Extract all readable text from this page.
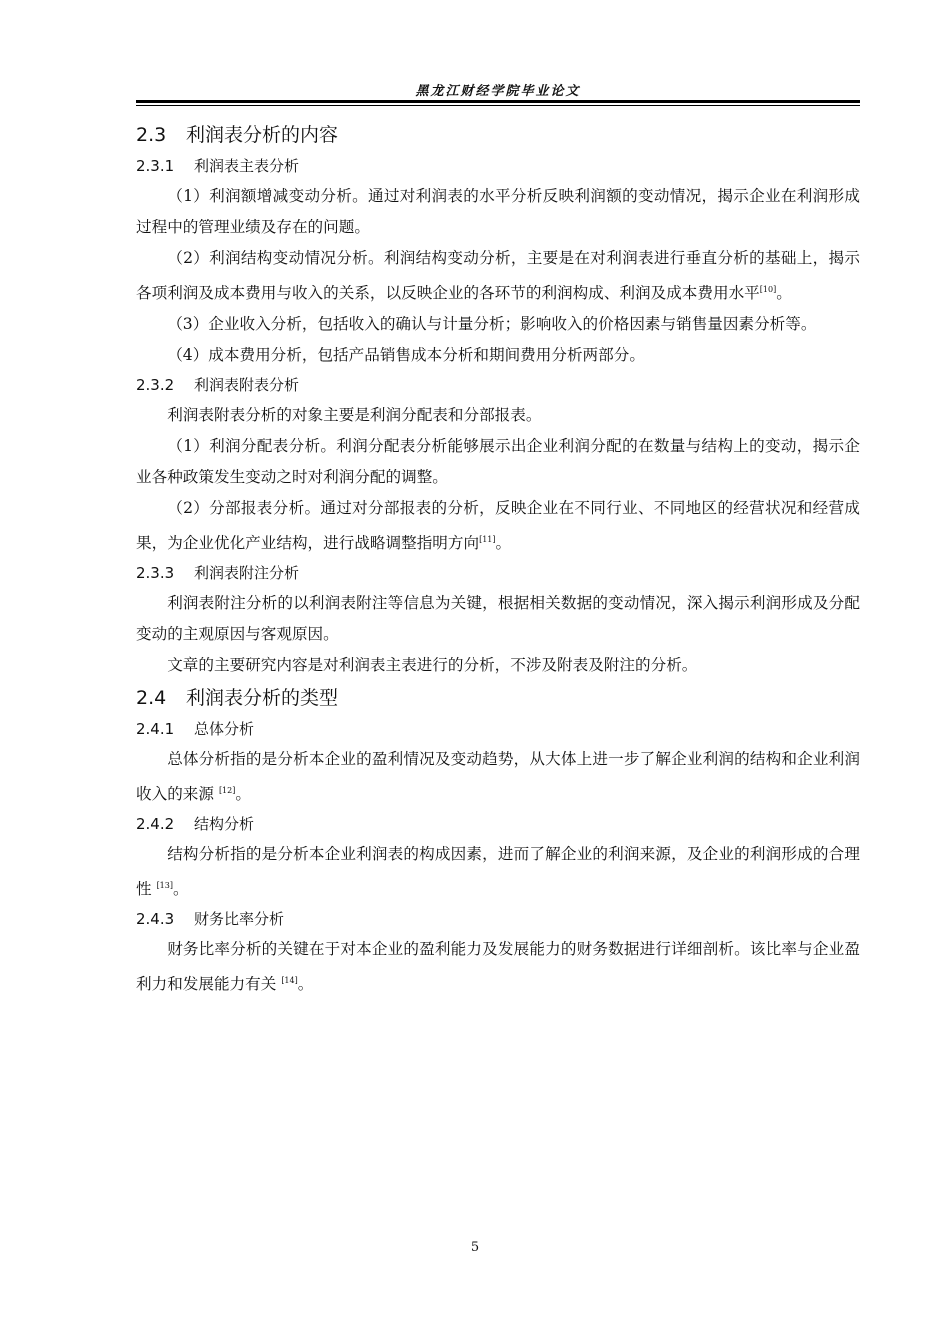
黑龙江财经学院毕业论文
2.3 利润表分析的内容
2.3.1 利润表主表分析

（1）利润额增减变动分析。通过对利润表的水平分析反映利润额的变动情况，揭示企业在利润形成过程中的管理业绩及存在的问题。

（2）利润结构变动情况分析。利润结构变动分析，主要是在对利润表进行垂直分析的基础上，揭示各项利润及成本费用与收入的关系，以反映企业的各环节的利润构成、利润及成本费用水平[10]。

（3）企业收入分析，包括收入的确认与计量分析；影响收入的价格因素与销售量因素分析等。

（4）成本费用分析，包括产品销售成本分析和期间费用分析两部分。

2.3.2 利润表附表分析

利润表附表分析的对象主要是利润分配表和分部报表。

（1）利润分配表分析。利润分配表分析能够展示出企业利润分配的在数量与结构上的变动，揭示企业各种政策发生变动之时对利润分配的调整。

（2）分部报表分析。通过对分部报表的分析，反映企业在不同行业、不同地区的经营状况和经营成果，为企业优化产业结构，进行战略调整指明方向[11]。

2.3.3 利润表附注分析

利润表附注分析的以利润表附注等信息为关键，根据相关数据的变动情况，深入揭示利润形成及分配变动的主观原因与客观原因。

文章的主要研究内容是对利润表主表进行的分析，不涉及附表及附注的分析。

2.4 利润表分析的类型
2.4.1 总体分析

总体分析指的是分析本企业的盈利情况及变动趋势，从大体上进一步了解企业利润的结构和企业利润收入的来源 [12]。

2.4.2 结构分析

结构分析指的是分析本企业利润表的构成因素，进而了解企业的利润来源，及企业的利润形成的合理性 [13]。

2.4.3 财务比率分析

财务比率分析的关键在于对本企业的盈利能力及发展能力的财务数据进行详细剖析。该比率与企业盈利力和发展能力有关 [14]。

5
